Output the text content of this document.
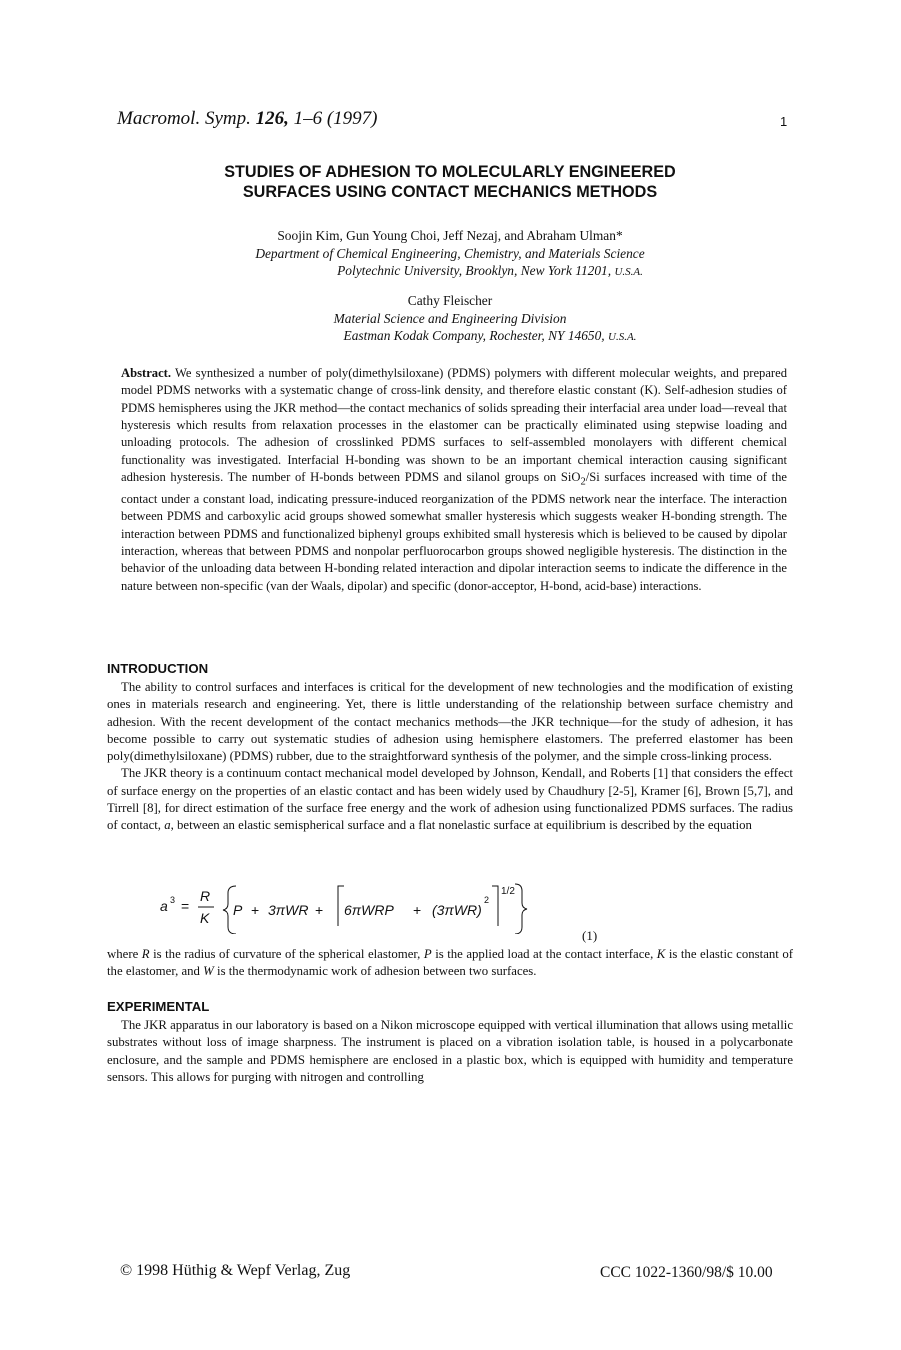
Macromol. Symp. 126, 1–6 (1997)	1
STUDIES OF ADHESION TO MOLECULARLY ENGINEERED
SURFACES USING CONTACT MECHANICS METHODS
Soojin Kim, Gun Young Choi, Jeff Nezaj, and Abraham Ulman*
Department of Chemical Engineering, Chemistry, and Materials Science
Polytechnic University, Brooklyn, New York 11201, U.S.A.
Cathy Fleischer
Material Science and Engineering Division
Eastman Kodak Company, Rochester, NY 14650, U.S.A.

Abstract. We synthesized a number of poly(dimethylsiloxane) (PDMS) polymers with different molecular weights, and prepared model PDMS networks with a systematic change of cross-link density, and therefore elastic constant (K). Self-adhesion studies of PDMS hemispheres using the JKR method—the contact mechanics of solids spreading their interfacial area under load—reveal that hysteresis which results from relaxation processes in the elastomer can be practically eliminated using stepwise loading and unloading protocols. The adhesion of crosslinked PDMS surfaces to self-assembled monolayers with different chemical functionality was investigated. Interfacial H-bonding was shown to be an important chemical interaction causing significant adhesion hysteresis. The number of H-bonds between PDMS and silanol groups on SiO$_2$/Si surfaces increased with time of the contact under a constant load, indicating pressure-induced reorganization of the PDMS network near the interface. The interaction between PDMS and carboxylic acid groups showed somewhat smaller hysteresis which suggests weaker H-bonding strength. The interaction between PDMS and functionalized biphenyl groups exhibited small hysteresis which is believed to be caused by dipolar interaction, whereas that between PDMS and nonpolar perfluorocarbon groups showed negligible hysteresis. The distinction in the behavior of the unloading data between H-bonding related interaction and dipolar interaction seems to indicate the difference in the nature between non-specific (van der Waals, dipolar) and specific (donor-acceptor, H-bond, acid-base) interactions.

INTRODUCTION

The ability to control surfaces and interfaces is critical for the development of new technologies and the modification of existing ones in materials research and engineering. Yet, there is little understanding of the relationship between surface chemistry and adhesion. With the recent development of the contact mechanics methods—the JKR technique—for the study of adhesion, it has become possible to carry out systematic studies of adhesion using hemisphere elastomers. The preferred elastomer has been poly(dimethylsiloxane) (PDMS) rubber, due to the straightforward synthesis of the polymer, and the simple cross-linking process.

The JKR theory is a continuum contact mechanical model developed by Johnson, Kendall, and Roberts [1] that considers the effect of surface energy on the properties of an elastic contact and has been widely used by Chaudhury [2-5], Kramer [6], Brown [5,7], and Tirrell [8], for direct estimation of the surface free energy and the work of adhesion using functionalized PDMS surfaces. The radius of contact, a, between an elastic semispherical surface and a flat nonelastic surface at equilibrium is described by the equation

a 3 =
R
K P + 3πWR + 6πWRP + (3πWR)
2
1/2
(1)

where R is the radius of curvature of the spherical elastomer, P is the applied load at the contact interface, K is the elastic constant of the elastomer, and W is the thermodynamic work of adhesion between two surfaces.

EXPERIMENTAL

The JKR apparatus in our laboratory is based on a Nikon microscope equipped with vertical illumination that allows using metallic substrates without loss of image sharpness. The instrument is placed on a vibration isolation table, is housed in a polycarbonate enclosure, and the sample and PDMS hemisphere are enclosed in a plastic box, which is equipped with humidity and temperature sensors. This allows for purging with nitrogen and controlling

© 1998 Hüthig & Wepf Verlag, Zug	CCC 1022-1360/98/$ 10.00
